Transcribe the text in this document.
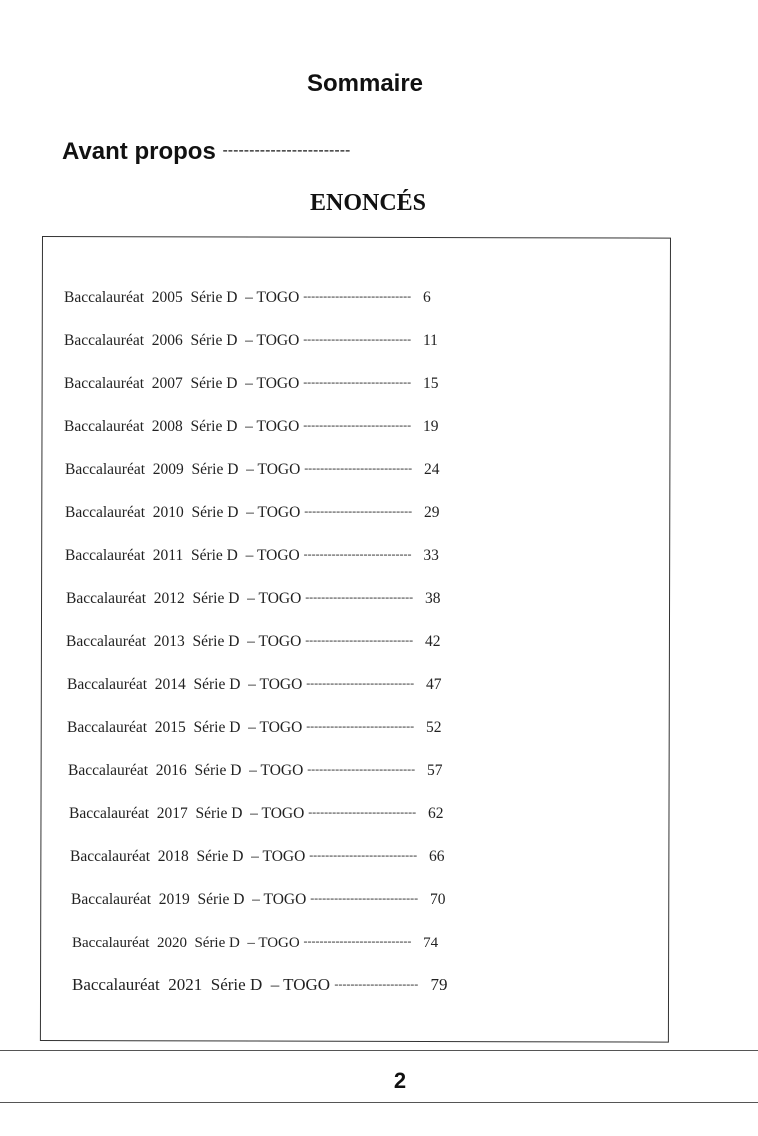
Sommaire
Avant propos ------------------------
ENONCÉS
Baccalauréat  2005  Série D  – TOGO --------------------------- 6
Baccalauréat  2006  Série D  – TOGO --------------------------- 11
Baccalauréat  2007  Série D  – TOGO --------------------------- 15
Baccalauréat  2008  Série D  – TOGO --------------------------- 19
Baccalauréat  2009  Série D  – TOGO --------------------------- 24
Baccalauréat  2010  Série D  – TOGO --------------------------- 29
Baccalauréat  2011  Série D  – TOGO --------------------------- 33
Baccalauréat  2012  Série D  – TOGO --------------------------- 38
Baccalauréat  2013  Série D  – TOGO --------------------------- 42
Baccalauréat  2014  Série D  – TOGO --------------------------- 47
Baccalauréat  2015  Série D  – TOGO --------------------------- 52
Baccalauréat  2016  Série D  – TOGO --------------------------- 57
Baccalauréat  2017  Série D  – TOGO --------------------------- 62
Baccalauréat  2018  Série D  – TOGO --------------------------- 66
Baccalauréat  2019  Série D  – TOGO --------------------------- 70
Baccalauréat  2020  Série D  – TOGO --------------------------- 74
Baccalauréat  2021  Série D  – TOGO --------------------- 79
2
